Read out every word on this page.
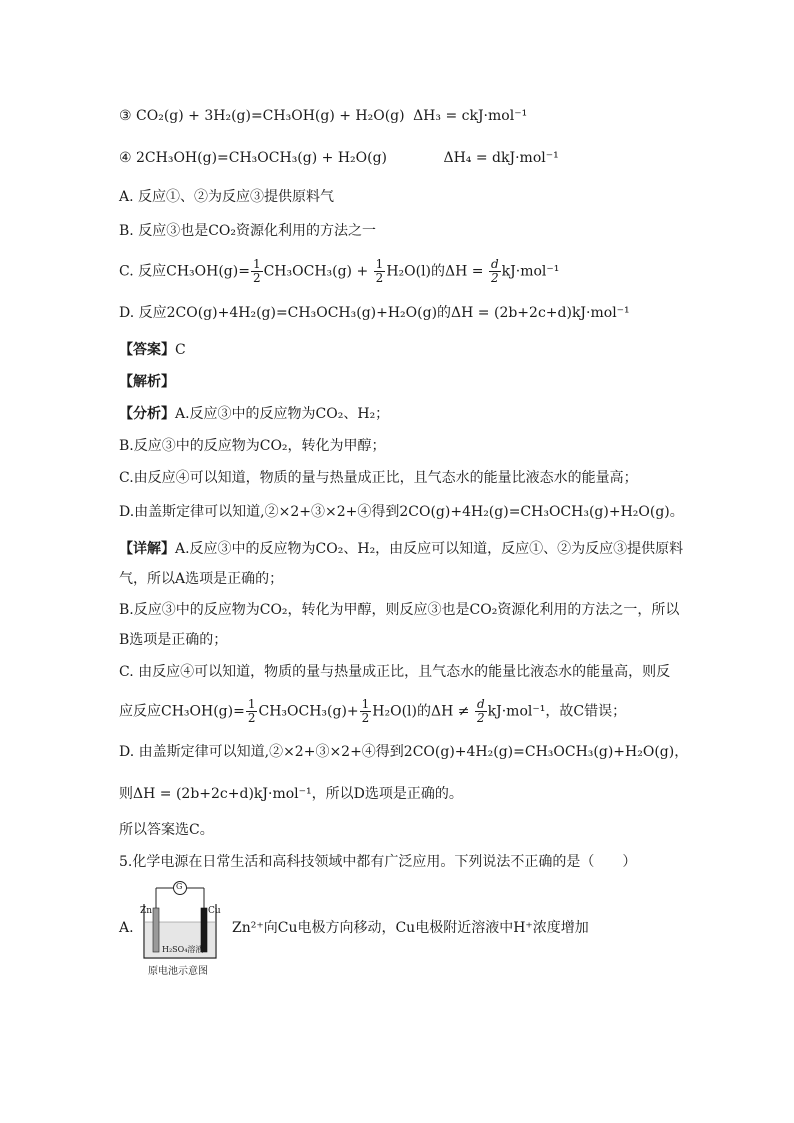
③ CO₂(g) + 3H₂(g)=CH₃OH(g) + H₂O(g) ΔH₃ = ckJ·mol⁻¹
④ 2CH₃OH(g)=CH₃OCH₃(g) + H₂O(g)	ΔH₄ = dkJ·mol⁻¹
A. 反应①、②为反应③提供原料气
B. 反应③也是CO₂资源化利用的方法之一
C. 反应$CH_3OH(g)= \frac{1}{2} CH_3OCH_3(g) + \frac{1}{2} H_2O(l)$的$\Delta H = \frac{d}{2} kJ\cdot mol^{-1}$
D. 反应2CO(g)+4H₂(g)=CH₃OCH₃(g)+H₂O(g)的ΔH = (2b+2c+d)kJ·mol⁻¹
【答案】C
【解析】
【分析】A.反应③中的反应物为CO₂、H₂；
B.反应③中的反应物为CO₂，转化为甲醇；
C.由反应④可以知道，物质的量与热量成正比，且气态水的能量比液态水的能量高；
D.由盖斯定律可以知道,②×2+③×2+④得到2CO(g)+4H₂(g)=CH₃OCH₃(g)+H₂O(g)。
【详解】A.反应③中的反应物为CO₂、H₂，由反应可以知道，反应①、②为反应③提供原料
气，所以A选项是正确的；
B.反应③中的反应物为CO₂，转化为甲醇，则反应③也是CO₂资源化利用的方法之一，所以
B选项是正确的；
C. 由反应④可以知道，物质的量与热量成正比，且气态水的能量比液态水的能量高，则反
应反应$CH_3OH(g)= \frac{1}{2} CH_3OCH_3(g)+ \frac{1}{2} H_2O(l)$的$\Delta H \ne \frac{d}{2} kJ\cdot mol^{-1}$，故C错误；
D. 由盖斯定律可以知道,②×2+③×2+④得到2CO(g)+4H₂(g)=CH₃OCH₃(g)+H₂O(g)，
则ΔH = (2b+2c+d)kJ·mol⁻¹，所以D选项是正确的。
所以答案选C。
5.化学电源在日常生活和高科技领域中都有广泛应用。下列说法不正确的是（　　）
A.
G
Zn	Cu
H₂SO₄溶液
原电池示意图
Zn²⁺向Cu电极方向移动，Cu电极附近溶液中H⁺浓度增加
